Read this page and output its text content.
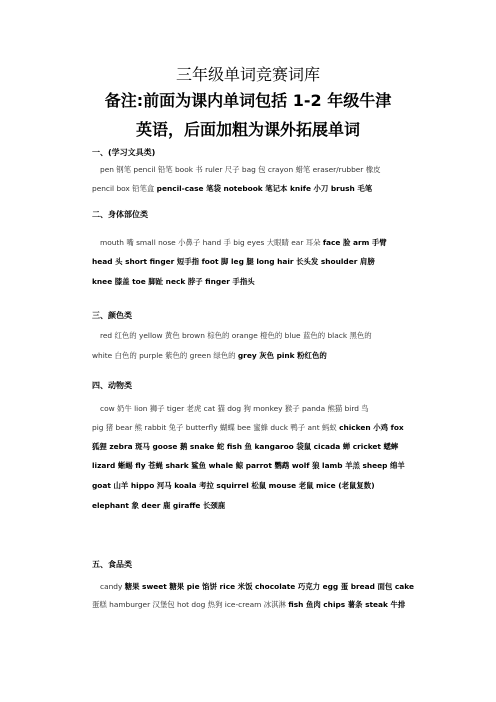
三年级单词竞赛词库
备注:前面为课内单词包括 1-2 年级牛津
英语，后面加粗为课外拓展单词
一、(学习文具类)
pen 钢笔 pencil 铅笔 book 书 ruler 尺子 bag 包 crayon 蜡笔 eraser/rubber 橡皮
pencil box 铅笔盒 pencil-case 笔袋 notebook 笔记本 knife 小刀 brush 毛笔
二、身体部位类
mouth 嘴 small nose 小鼻子 hand 手 big eyes 大眼睛 ear 耳朵 face 脸 arm 手臂
head 头 short finger 短手指 foot 脚 leg 腿 long hair 长头发 shoulder 肩膀
knee 膝盖 toe 脚趾 neck 脖子 finger 手指头
三、颜色类
red 红色的 yellow 黄色 brown 棕色的 orange 橙色的 blue 蓝色的 black 黑色的
white 白色的 purple 紫色的 green 绿色的 grey 灰色 pink 粉红色的
四、动物类
cow 奶牛 lion 狮子 tiger 老虎 cat 猫 dog 狗 monkey 猴子 panda 熊猫 bird 鸟
pig 猪 bear 熊 rabbit 兔子 butterfly 蝴蝶 bee 蜜蜂 duck 鸭子 ant 蚂蚁 chicken 小鸡 fox
狐狸 zebra 斑马 goose 鹅 snake 蛇 fish 鱼 kangaroo 袋鼠 cicada 蝉 cricket 蟋蟀
lizard 蜥蜴 fly 苍蝇 shark 鲨鱼 whale 鲸 parrot 鹦鹉 wolf 狼 lamb 羊羔 sheep 绵羊
goat 山羊 hippo 河马 koala 考拉 squirrel 松鼠 mouse 老鼠 mice (老鼠复数)
elephant 象 deer 鹿 giraffe 长颈鹿
五、食品类
candy 糖果 sweet 糖果 pie 馅饼 rice 米饭 chocolate 巧克力 egg 蛋 bread 面包 cake
蛋糕 hamburger 汉堡包 hot dog 热狗 ice-cream 冰淇淋 fish 鱼肉 chips 薯条 steak 牛排
